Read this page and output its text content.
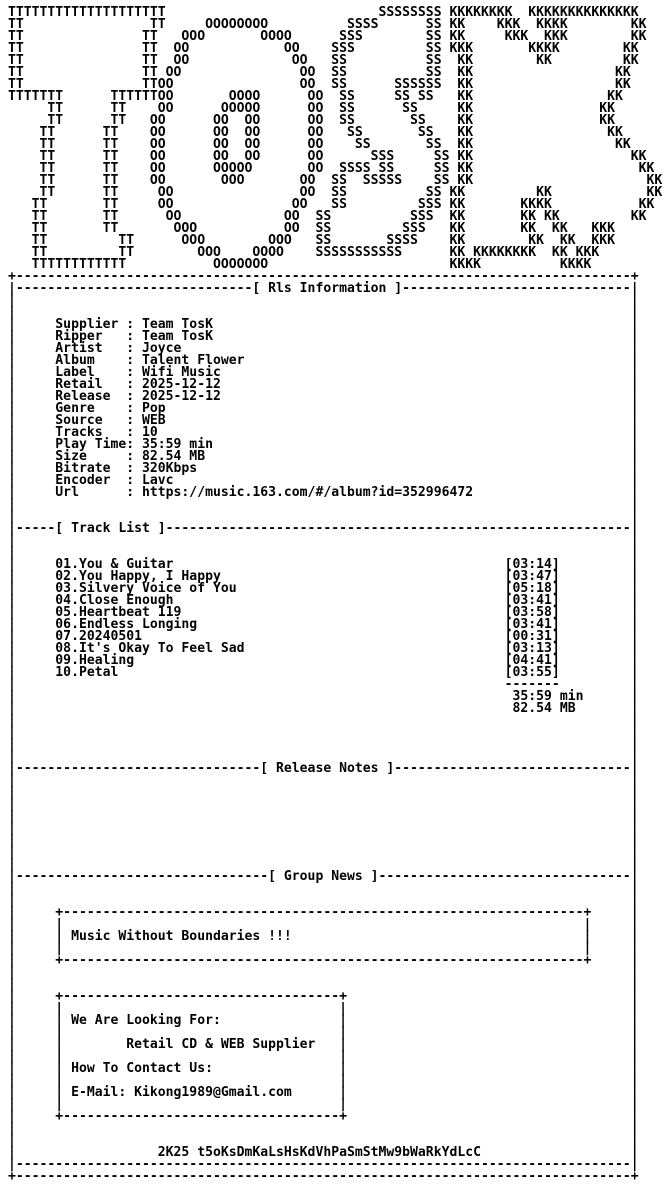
TTTTTTTTTTTTTTTTTTTT                           SSSSSSSS KKKKKKKK  KKKKKKKKKKKKKK
TT                TT     OOOOOOOO          SSSS      SS KK    KKK  KKKK        KK
TT               TT   OOO       OOOO      SSS        SS KK     KKK  KKK        KK
TT               TT  OO            OO    SSS         SS KKK       KKKK        KK
TT               TT  OO             OO   SS          SS  KK        KK         KK
TT               TT OO               OO  SS          SS  KK                  KK
TT               TTOO                OO  SS      SSSSSS  KK                  KK
TTTTTTT      TTTTTTOO       OOOO      OO  SS     SS SS   KK                 KK
TT      TT    OO      OOOOO      OO  SS      SS     KK                KK
TT      TT   OO      OO  OO      OO  SS       SS    KK                KK
TT      TT    OO      OO  OO      OO   SS       SS   KK                 KK
TT      TT    OO      OO  OO      OO    SS       SS  KK                  KK
TT      TT    OO      OO  OO      OO      SSS     SS KK                    KK
TT      TT    OO      OOOOO       OO  SSSS SS     SS KK                     KK
TT      TT    OO       OOO       OO  SS  SSSSS    SS KK                      KK
TT      TT     OO                OO  SS          SS KK         KK            KK
TT       TT     OO               OO   SS         SSS KK       KKKK           KK
TT       TT      OO             OO  SS          SSS  KK       KK KK         KK
TT       TT       OOO           OO  SS         SSS   KK       KK  KK   KKK
TT         TT      OOO        OOO   SS       SSSS    KK        KK  KK  KKK
TT         TT        OOO    OOOO    SSSSSSSSSSS      KK KKKKKKKK  KK KKK
TTTTTTTTTTTT           OOOOOOO                       KKKK          KKKK
+------------------------------------------------------------------------------+
|------------------------------[ Rls Information ]-----------------------------|
|                                                                              |
|                                                                              |
|     Supplier : Team TosK                                                     |
|     Ripper   : Team TosK                                                     |
|     Artist   : Joyce                                                         |
|     Album    : Talent Flower                                                 |
|     Label    : Wifi Music                                                    |
|     Retail   : 2025-12-12                                                    |
|     Release  : 2025-12-12                                                    |
|     Genre    : Pop                                                           |
|     Source   : WEB                                                           |
|     Tracks   : 10                                                            |
|     Play Time: 35:59 min                                                     |
|     Size     : 82.54 MB                                                      |
|     Bitrate  : 320Kbps                                                       |
|     Encoder  : Lavc                                                          |
|     Url      : https://music.163.com/#/album?id=352996472                    |
|                                                                              |
|                                                                              |
|-----[ Track List ]-----------------------------------------------------------|
|                                                                              |
|                                                                              |
|     01.You & Guitar                                          [03:14]         |
|     02.You Happy, I Happy                                    [03:47]         |
|     03.Silvery Voice of You                                  [05:18]         |
|     04.Close Enough                                          [03:41]         |
|     05.Heartbeat 119                                         [03:58]         |
|     06.Endless Longing                                       [03:41]         |
|     07.20240501                                              [00:31]         |
|     08.It's Okay To Feel Sad                                 [03:13]         |
|     09.Healing                                               [04:41]         |
|     10.Petal                                                 [03:55]         |
|                                                              -------         |
|                                                               35:59 min      |
|                                                               82.54 MB       |
|                                                                              |
|                                                                              |
|                                                                              |
|                                                                              |
|-------------------------------[ Release Notes ]------------------------------|
|                                                                              |
|                                                                              |
|                                                                              |
|                                                                              |
|                                                                              |
|                                                                              |
|                                                                              |
|                                                                              |
|--------------------------------[ Group News ]--------------------------------|
|                                                                              |
|                                                                              |
|     +------------------------------------------------------------------+     |
|     |                                                                  |     |
|     | Music Without Boundaries !!!                                     |     |
|     |                                                                  |     |
|     +------------------------------------------------------------------+     |
|                                                                              |
|                                                                              |
|     +-----------------------------------+                                    |
|     |                                   |                                    |
|     | We Are Looking For:               |                                    |
|     |                                   |                                    |
|     |        Retail CD & WEB Supplier   |                                    |
|     |                                   |                                    |
|     | How To Contact Us:                |                                    |
|     |                                   |                                    |
|     | E-Mail: Kikong1989@Gmail.com      |                                    |
|     |                                   |                                    |
|     +-----------------------------------+                                    |
|                                                                              |
|                                                                              |
|                  2K25 t5oKsDmKaLsHsKdVhPaSmStMw9bWaRkYdLcC                   |
|------------------------------------------------------------------------------|
+------------------------------------------------------------------------------+
